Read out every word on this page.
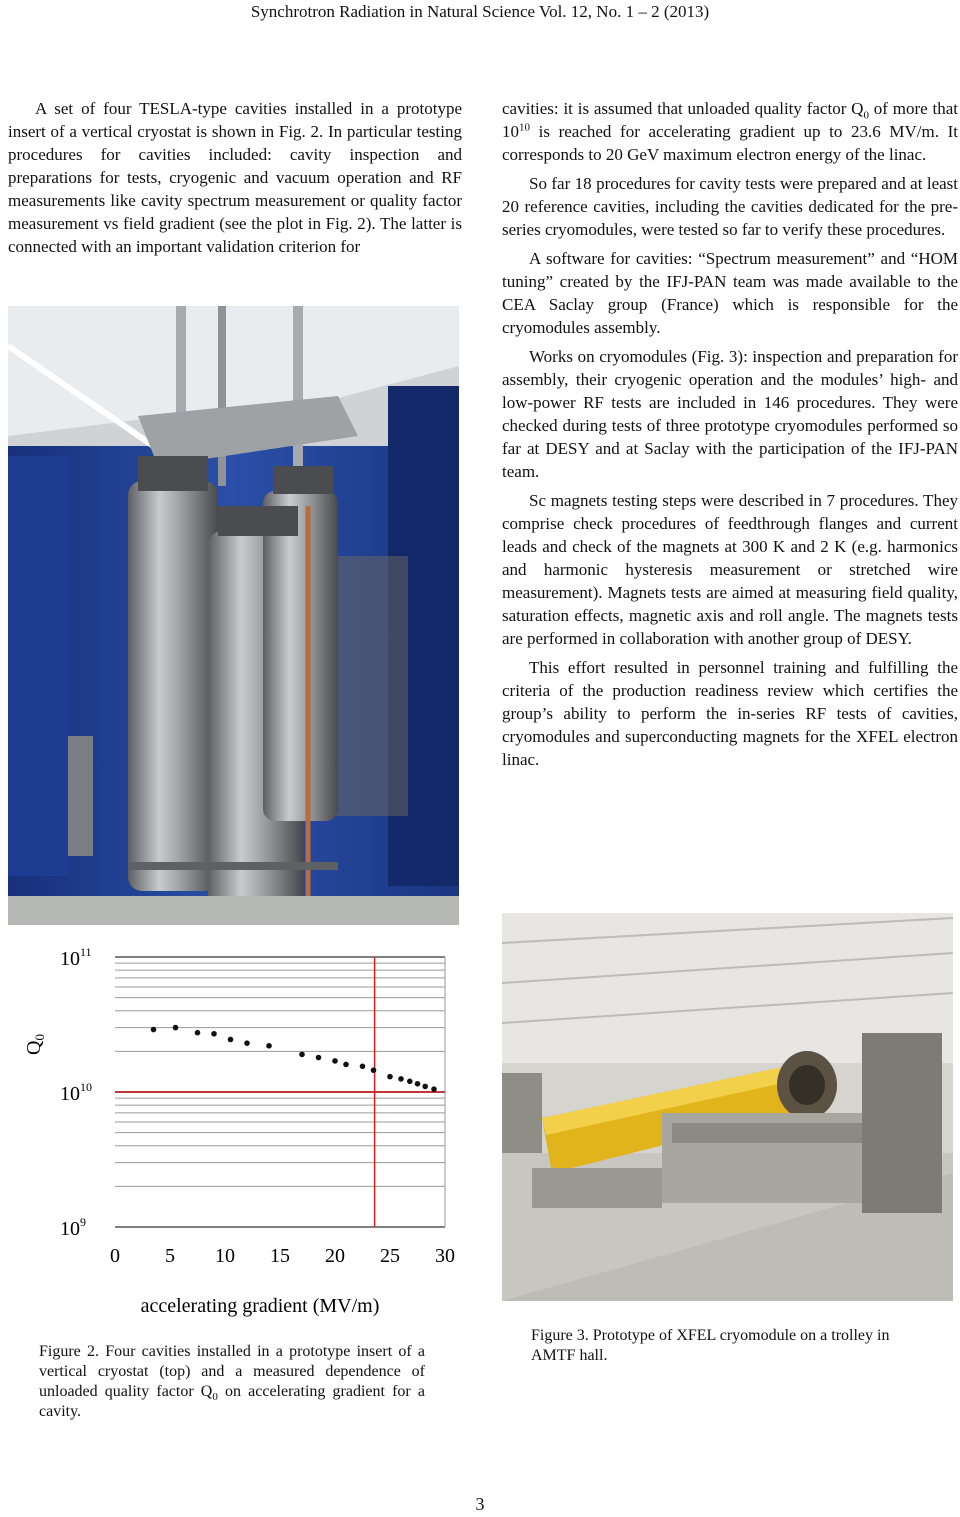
Synchrotron Radiation in Natural Science Vol. 12, No. 1 – 2 (2013)

A set of four TESLA-type cavities installed in a prototype insert of a vertical cryostat is shown in Fig. 2. In particular testing procedures for cavities included: cavity inspection and preparations for tests, cryogenic and vacuum operation and RF measurements like cavity spectrum measurement or quality factor measurement vs field gradient (see the plot in Fig. 2). The latter is connected with an important validation criterion for

$10^{11}$
$10^{10}$
$10^9$
0 5 10 15 20 25 30
$Q_0$
accelerating gradient (MV/m)

cavities: it is assumed that unloaded quality factor $Q_0$ of more that $10^{10}$ is reached for accelerating gradient up to 23.6 MV/m. It corresponds to 20 GeV maximum electron energy of the linac.

So far 18 procedures for cavity tests were prepared and at least 20 reference cavities, including the cavities dedicated for the pre-series cryomodules, were tested so far to verify these procedures.

A software for cavities: “Spectrum measurement” and “HOM tuning” created by the IFJ-PAN team was made available to the CEA Saclay group (France) which is responsible for the cryomodules assembly.

Works on cryomodules (Fig. 3): inspection and preparation for assembly, their cryogenic operation and the modules’ high- and low-power RF tests are included in 146 procedures. They were checked during tests of three prototype cryomodules performed so far at DESY and at Saclay with the participation of the IFJ-PAN team.

Sc magnets testing steps were described in 7 procedures. They comprise check procedures of feedthrough flanges and current leads and check of the magnets at 300 K and 2 K (e.g. harmonics and harmonic hysteresis measurement or stretched wire measurement). Magnets tests are aimed at measuring field quality, saturation effects, magnetic axis and roll angle. The magnets tests are performed in collaboration with another group of DESY.

This effort resulted in personnel training and fulfilling the criteria of the production readiness review which certifies the group’s ability to perform the in-series RF tests of cavities, cryomodules and superconducting magnets for the XFEL electron linac.

Figure 2. Four cavities installed in a prototype insert of a vertical cryostat (top) and a measured dependence of unloaded quality factor $Q_0$ on accelerating gradient for a cavity.
Figure 3. Prototype of XFEL cryomodule on a trolley in AMTF hall.
3
